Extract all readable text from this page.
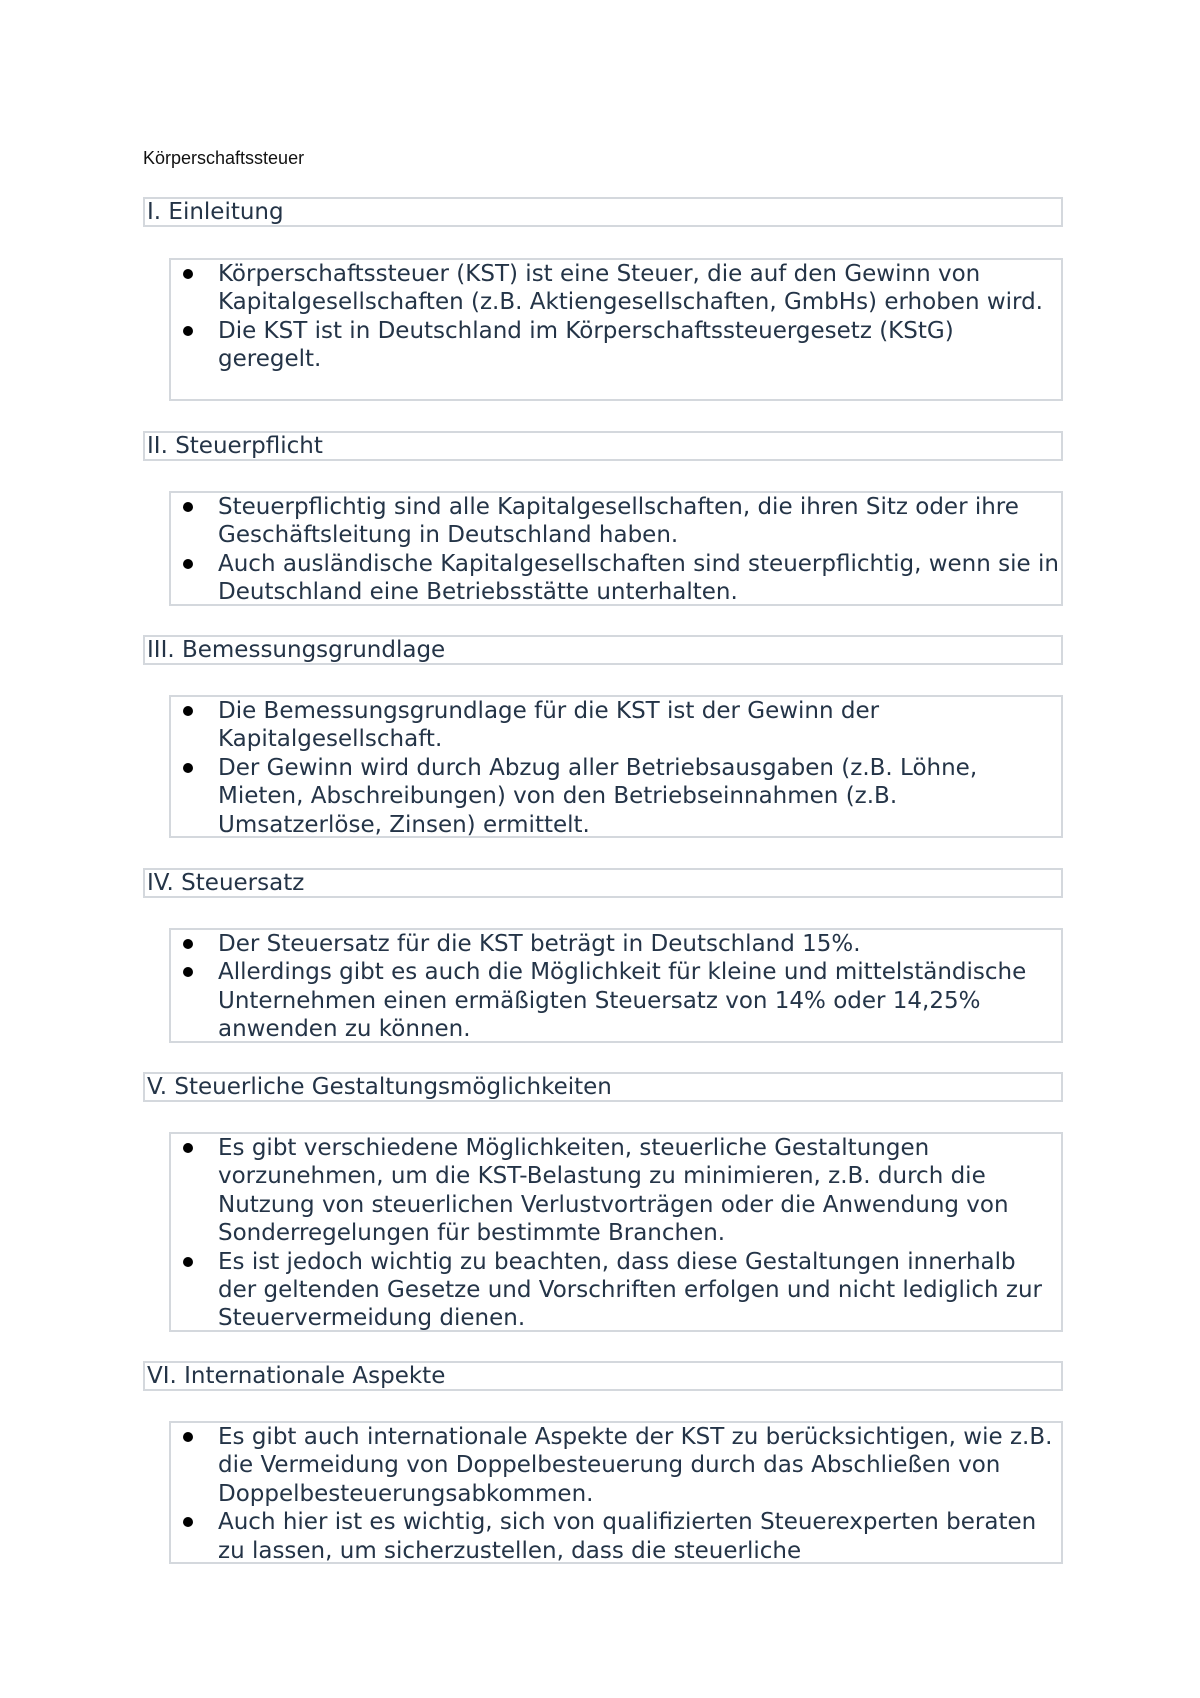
Körperschaftssteuer
I. Einleitung
Körperschaftssteuer (KST) ist eine Steuer, die auf den Gewinn von Kapitalgesellschaften (z.B. Aktiengesellschaften, GmbHs) erhoben wird.
Die KST ist in Deutschland im Körperschaftssteuergesetz (KStG) geregelt.
II. Steuerpflicht
Steuerpflichtig sind alle Kapitalgesellschaften, die ihren Sitz oder ihre Geschäftsleitung in Deutschland haben.
Auch ausländische Kapitalgesellschaften sind steuerpflichtig, wenn sie in Deutschland eine Betriebsstätte unterhalten.
III. Bemessungsgrundlage
Die Bemessungsgrundlage für die KST ist der Gewinn der Kapitalgesellschaft.
Der Gewinn wird durch Abzug aller Betriebsausgaben (z.B. Löhne, Mieten, Abschreibungen) von den Betriebseinnahmen (z.B. Umsatzerlöse, Zinsen) ermittelt.
IV. Steuersatz
Der Steuersatz für die KST beträgt in Deutschland 15%.
Allerdings gibt es auch die Möglichkeit für kleine und mittelständische Unternehmen einen ermäßigten Steuersatz von 14% oder 14,25% anwenden zu können.
V. Steuerliche Gestaltungsmöglichkeiten
Es gibt verschiedene Möglichkeiten, steuerliche Gestaltungen vorzunehmen, um die KST-Belastung zu minimieren, z.B. durch die Nutzung von steuerlichen Verlustvorträgen oder die Anwendung von Sonderregelungen für bestimmte Branchen.
Es ist jedoch wichtig zu beachten, dass diese Gestaltungen innerhalb der geltenden Gesetze und Vorschriften erfolgen und nicht lediglich zur Steuervermeidung dienen.
VI. Internationale Aspekte
Es gibt auch internationale Aspekte der KST zu berücksichtigen, wie z.B. die Vermeidung von Doppelbesteuerung durch das Abschließen von Doppelbesteuerungsabkommen.
Auch hier ist es wichtig, sich von qualifizierten Steuerexperten beraten zu lassen, um sicherzustellen, dass die steuerliche
